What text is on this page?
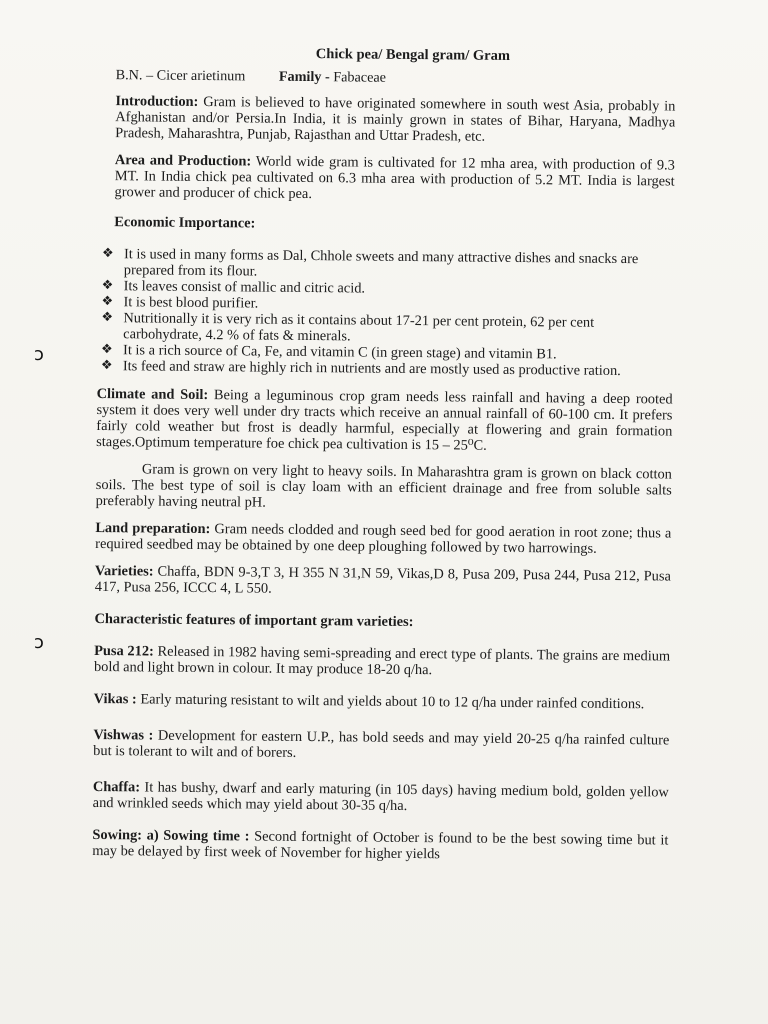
ↄ
ↄ
Chick pea/ Bengal gram/ Gram
B.N. – Cicer arietinum Family - Fabaceae

Introduction: Gram is believed to have originated somewhere in south west Asia, probably in Afghanistan and/or Persia.In India, it is mainly grown in states of Bihar, Haryana, Madhya Pradesh, Maharashtra, Punjab, Rajasthan and Uttar Pradesh, etc.

Area and Production: World wide gram is cultivated for 12 mha area, with production of 9.3 MT. In India chick pea cultivated on 6.3 mha area with production of 5.2 MT. India is largest grower and producer of chick pea.

Economic Importance:
❖ It is used in many forms as Dal, Chhole sweets and many attractive dishes and snacks are prepared from its flour.
❖ Its leaves consist of mallic and citric acid.
❖ It is best blood purifier.
❖ Nutritionally it is very rich as it contains about 17-21 per cent protein, 62 per cent carbohydrate, 4.2 % of fats & minerals.
❖ It is a rich source of Ca, Fe, and vitamin C (in green stage) and vitamin B1.
❖ Its feed and straw are highly rich in nutrients and are mostly used as productive ration.

Climate and Soil: Being a leguminous crop gram needs less rainfall and having a deep rooted system it does very well under dry tracts which receive an annual rainfall of 60-100 cm. It prefers fairly cold weather but frost is deadly harmful, especially at flowering and grain formation stages.Optimum temperature foe chick pea cultivation is 15 – 25⁰C.

Gram is grown on very light to heavy soils. In Maharashtra gram is grown on black cotton soils. The best type of soil is clay loam with an efficient drainage and free from soluble salts preferably having neutral pH.

Land preparation: Gram needs clodded and rough seed bed for good aeration in root zone; thus a required seedbed may be obtained by one deep ploughing followed by two harrowings.

Varieties: Chaffa, BDN 9-3,T 3, H 355 N 31,N 59, Vikas,D 8, Pusa 209, Pusa 244, Pusa 212, Pusa 417, Pusa 256, ICCC 4, L 550.

Characteristic features of important gram varieties:

Pusa 212: Released in 1982 having semi-spreading and erect type of plants. The grains are medium bold and light brown in colour. It may produce 18-20 q/ha.

Vikas : Early maturing resistant to wilt and yields about 10 to 12 q/ha under rainfed conditions.

Vishwas : Development for eastern U.P., has bold seeds and may yield 20-25 q/ha rainfed culture but is tolerant to wilt and of borers.

Chaffa: It has bushy, dwarf and early maturing (in 105 days) having medium bold, golden yellow and wrinkled seeds which may yield about 30-35 q/ha.

Sowing: a) Sowing time : Second fortnight of October is found to be the best sowing time but it may be delayed by first week of November for higher yields
